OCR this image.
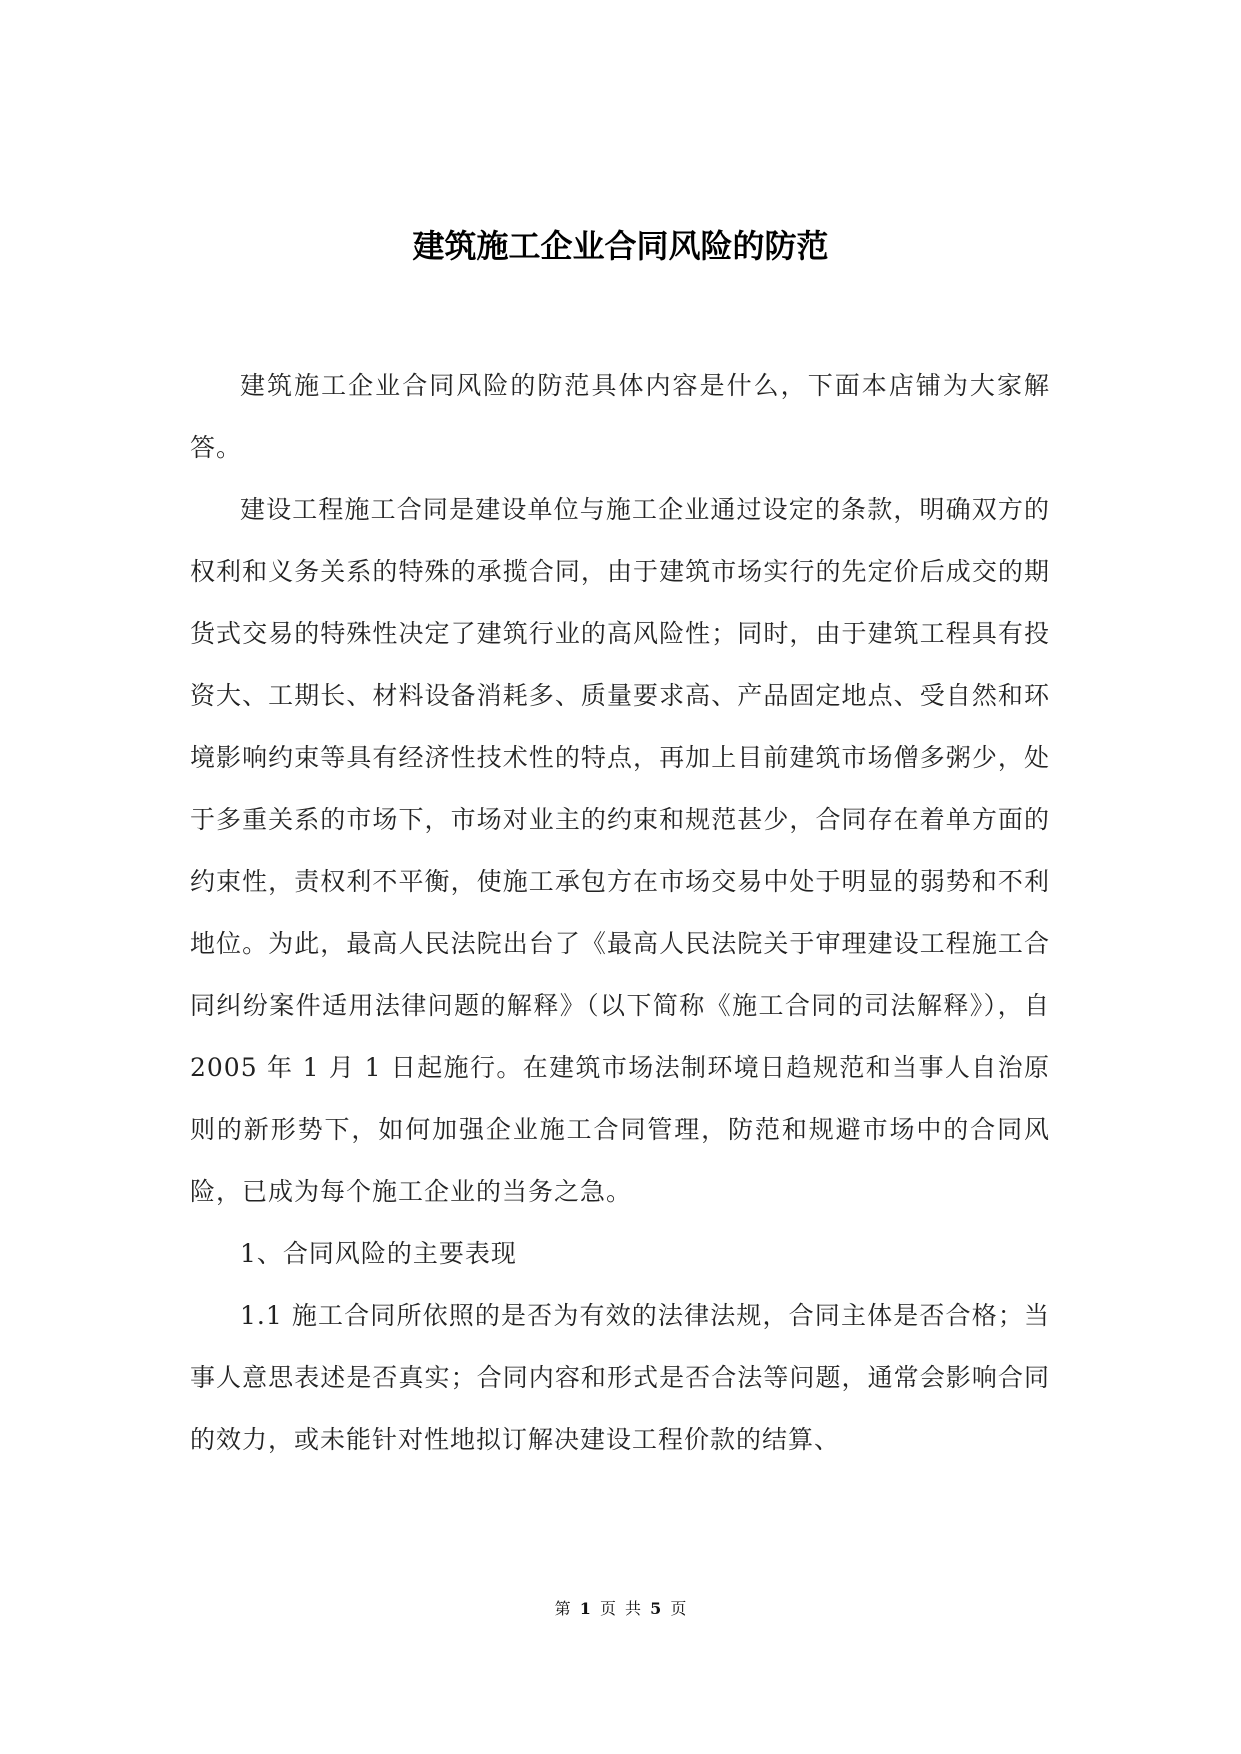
建筑施工企业合同风险的防范

建筑施工企业合同风险的防范具体内容是什么，下面本店铺为大家解答。

建设工程施工合同是建设单位与施工企业通过设定的条款，明确双方的权利和义务关系的特殊的承揽合同，由于建筑市场实行的先定价后成交的期货式交易的特殊性决定了建筑行业的高风险性；同时，由于建筑工程具有投资大、工期长、材料设备消耗多、质量要求高、产品固定地点、受自然和环境影响约束等具有经济性技术性的特点，再加上目前建筑市场僧多粥少，处于多重关系的市场下，市场对业主的约束和规范甚少，合同存在着单方面的约束性，责权利不平衡，使施工承包方在市场交易中处于明显的弱势和不利地位。为此，最高人民法院出台了《最高人民法院关于审理建设工程施工合同纠纷案件适用法律问题的解释》（以下简称《施工合同的司法解释》），自 2005 年 1 月 1 日起施行。在建筑市场法制环境日趋规范和当事人自治原则的新形势下，如何加强企业施工合同管理，防范和规避市场中的合同风险，已成为每个施工企业的当务之急。

1、合同风险的主要表现

1.1 施工合同所依照的是否为有效的法律法规，合同主体是否合格；当事人意思表述是否真实；合同内容和形式是否合法等问题，通常会影响合同的效力，或未能针对性地拟订解决建设工程价款的结算、

第 1 页 共 5 页
